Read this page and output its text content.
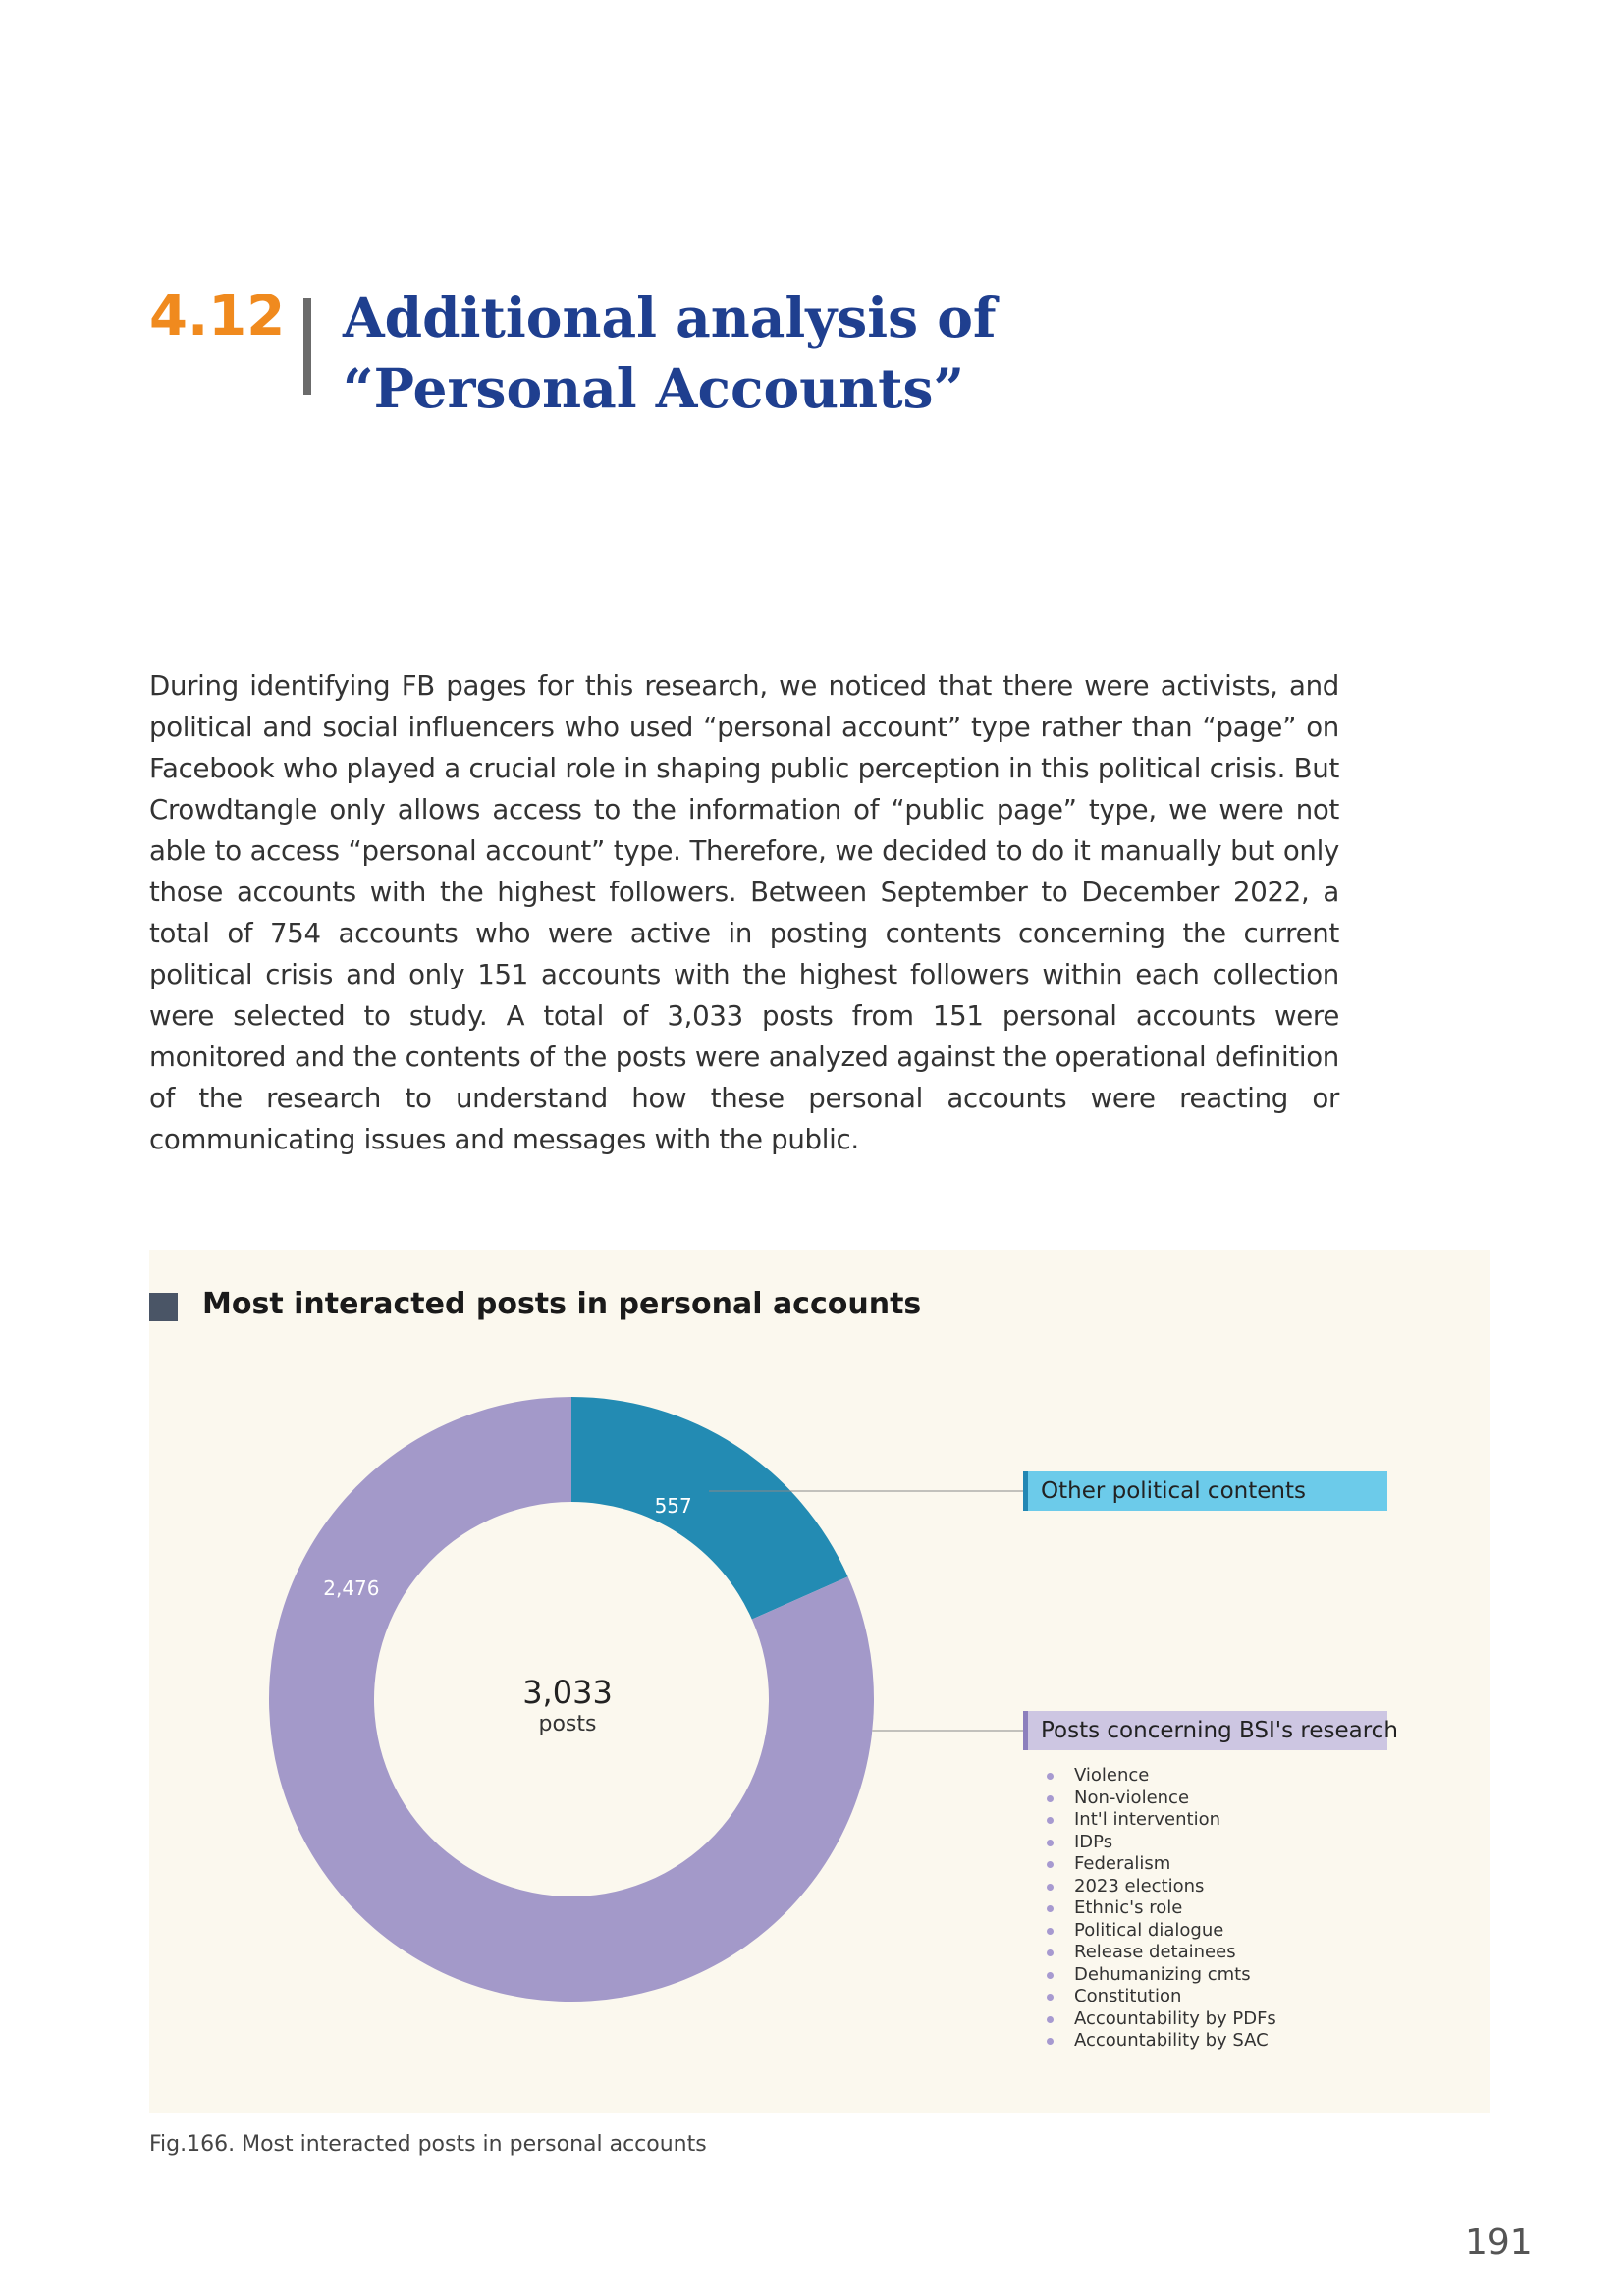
4.12 Additional analysis of
“Personal Accounts”

During identifying FB pages for this research, we noticed that there were activists, and political and social influencers who used “personal account” type rather than “page” on Facebook who played a crucial role in shaping public perception in this political crisis. But Crowdtangle only allows access to the information of “public page” type, we were not able to access “personal account” type. Therefore, we decided to do it manually but only those accounts with the highest followers. Between September to December 2022, a total of 754 accounts who were active in posting contents concerning the current political crisis and only 151 accounts with the highest followers within each collection were selected to study. A total of 3,033 posts from 151 personal accounts were monitored and the contents of the posts were analyzed against the operational definition of the research to understand how these personal accounts were reacting or communicating issues and messages with the public.

Most interacted posts in personal accounts
557
2,476
3,033
posts
Other political contents
Posts concerning BSI's research
Violence
Non-violence
Int'l intervention
IDPs
Federalism
2023 elections
Ethnic's role
Political dialogue
Release detainees
Dehumanizing cmts
Constitution
Accountability by PDFs
Accountability by SAC
Fig.166. Most interacted posts in personal accounts
191
